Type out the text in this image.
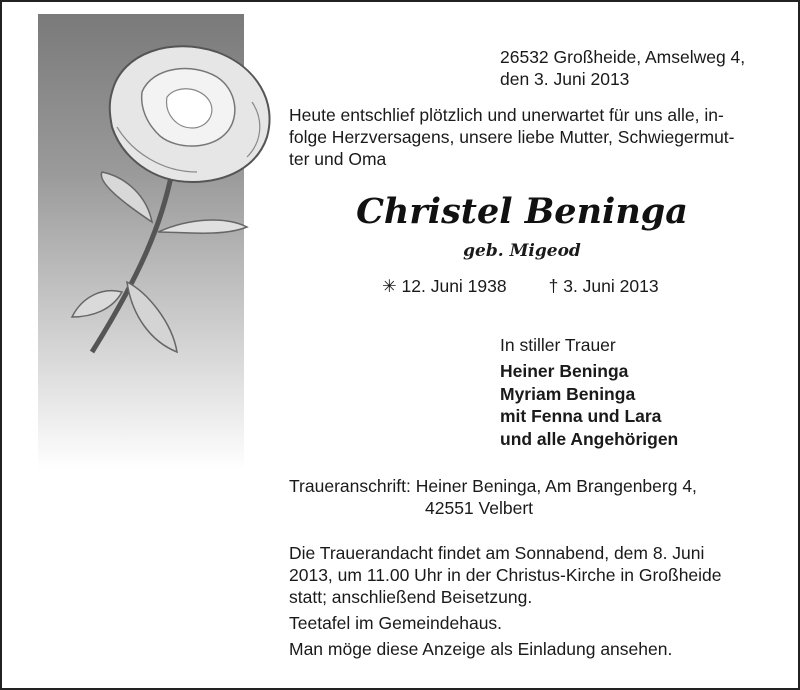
26532 Großheide, Amselweg 4,
den 3. Juni 2013
Heute entschlief plötzlich und unerwartet für uns alle, in-
folge Herzversagens, unsere liebe Mutter, Schwiegermut-
ter und Oma
Christel Beninga
geb. Migeod
✳ 12. Juni 1938 † 3. Juni 2013
In stiller Trauer
Heiner Beninga
Myriam Beninga
mit Fenna und Lara
und alle Angehörigen
Traueranschrift: Heiner Beninga, Am Brangenberg 4,
42551 Velbert
Die Trauerandacht findet am Sonnabend, dem 8. Juni
2013, um 11.00 Uhr in der Christus-Kirche in Großheide
statt; anschließend Beisetzung.
Teetafel im Gemeindehaus.
Man möge diese Anzeige als Einladung ansehen.
